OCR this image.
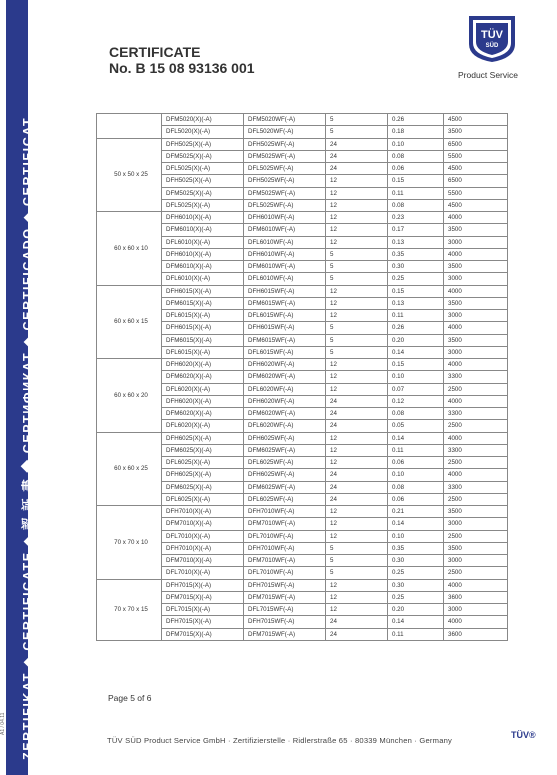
ZERTIFIKAT ◆ CERTIFICATE ◆ 認 証 書 ◆ СЕРТИФИКАТ ◆ CERTIFICADO ◆ CERTIFICAT
CERTIFICATE
No. B 15 08 93136 001
TÜV
SÜD
Product Service
A1 / 04.11
	DFM5020(X)(-A)	DFM5020WF(-A)	5	0.26	4500
	DFL5020(X)(-A)	DFL5020WF(-A)	5	0.18	3500
50 x 50 x 25	DFH5025(X)(-A)	DFH5025WF(-A)	24	0.10	6500
	DFM5025(X)(-A)	DFM5025WF(-A)	24	0.08	5500
	DFL5025(X)(-A)	DFL5025WF(-A)	24	0.06	4500
	DFH5025(X)(-A)	DFH5025WF(-A)	12	0.15	6500
	DFM5025(X)(-A)	DFM5025WF(-A)	12	0.11	5500
	DFL5025(X)(-A)	DFL5025WF(-A)	12	0.08	4500
60 x 60 x 10	DFH6010(X)(-A)	DFH6010WF(-A)	12	0.23	4000
	DFM6010(X)(-A)	DFM6010WF(-A)	12	0.17	3500
	DFL6010(X)(-A)	DFL6010WF(-A)	12	0.13	3000
	DFH6010(X)(-A)	DFH6010WF(-A)	5	0.35	4000
	DFM6010(X)(-A)	DFM6010WF(-A)	5	0.30	3500
	DFL6010(X)(-A)	DFL6010WF(-A)	5	0.25	3000
60 x 60 x 15	DFH6015(X)(-A)	DFH6015WF(-A)	12	0.15	4000
	DFM6015(X)(-A)	DFM6015WF(-A)	12	0.13	3500
	DFL6015(X)(-A)	DFL6015WF(-A)	12	0.11	3000
	DFH6015(X)(-A)	DFH6015WF(-A)	5	0.26	4000
	DFM6015(X)(-A)	DFM6015WF(-A)	5	0.20	3500
	DFL6015(X)(-A)	DFL6015WF(-A)	5	0.14	3000
60 x 60 x 20	DFH6020(X)(-A)	DFH6020WF(-A)	12	0.15	4000
	DFM6020(X)(-A)	DFM6020WF(-A)	12	0.10	3300
	DFL6020(X)(-A)	DFL6020WF(-A)	12	0.07	2500
	DFH6020(X)(-A)	DFH6020WF(-A)	24	0.12	4000
	DFM6020(X)(-A)	DFM6020WF(-A)	24	0.08	3300
	DFL6020(X)(-A)	DFL6020WF(-A)	24	0.05	2500
60 x 60 x 25	DFH6025(X)(-A)	DFH6025WF(-A)	12	0.14	4000
	DFM6025(X)(-A)	DFM6025WF(-A)	12	0.11	3300
	DFL6025(X)(-A)	DFL6025WF(-A)	12	0.06	2500
	DFH6025(X)(-A)	DFH6025WF(-A)	24	0.10	4000
	DFM6025(X)(-A)	DFM6025WF(-A)	24	0.08	3300
	DFL6025(X)(-A)	DFL6025WF(-A)	24	0.06	2500
70 x 70 x 10	DFH7010(X)(-A)	DFH7010WF(-A)	12	0.21	3500
	DFM7010(X)(-A)	DFM7010WF(-A)	12	0.14	3000
	DFL7010(X)(-A)	DFL7010WF(-A)	12	0.10	2500
	DFH7010(X)(-A)	DFH7010WF(-A)	5	0.35	3500
	DFM7010(X)(-A)	DFM7010WF(-A)	5	0.30	3000
	DFL7010(X)(-A)	DFL7010WF(-A)	5	0.25	2500
70 x 70 x 15	DFH7015(X)(-A)	DFH7015WF(-A)	12	0.30	4000
	DFM7015(X)(-A)	DFM7015WF(-A)	12	0.25	3600
	DFL7015(X)(-A)	DFL7015WF(-A)	12	0.20	3000
	DFH7015(X)(-A)	DFH7015WF(-A)	24	0.14	4000
	DFM7015(X)(-A)	DFM7015WF(-A)	24	0.11	3600
Page 5 of 6
TÜV SÜD Product Service GmbH · Zertifizierstelle · Ridlerstraße 65 · 80339 München · Germany
TÜV®
